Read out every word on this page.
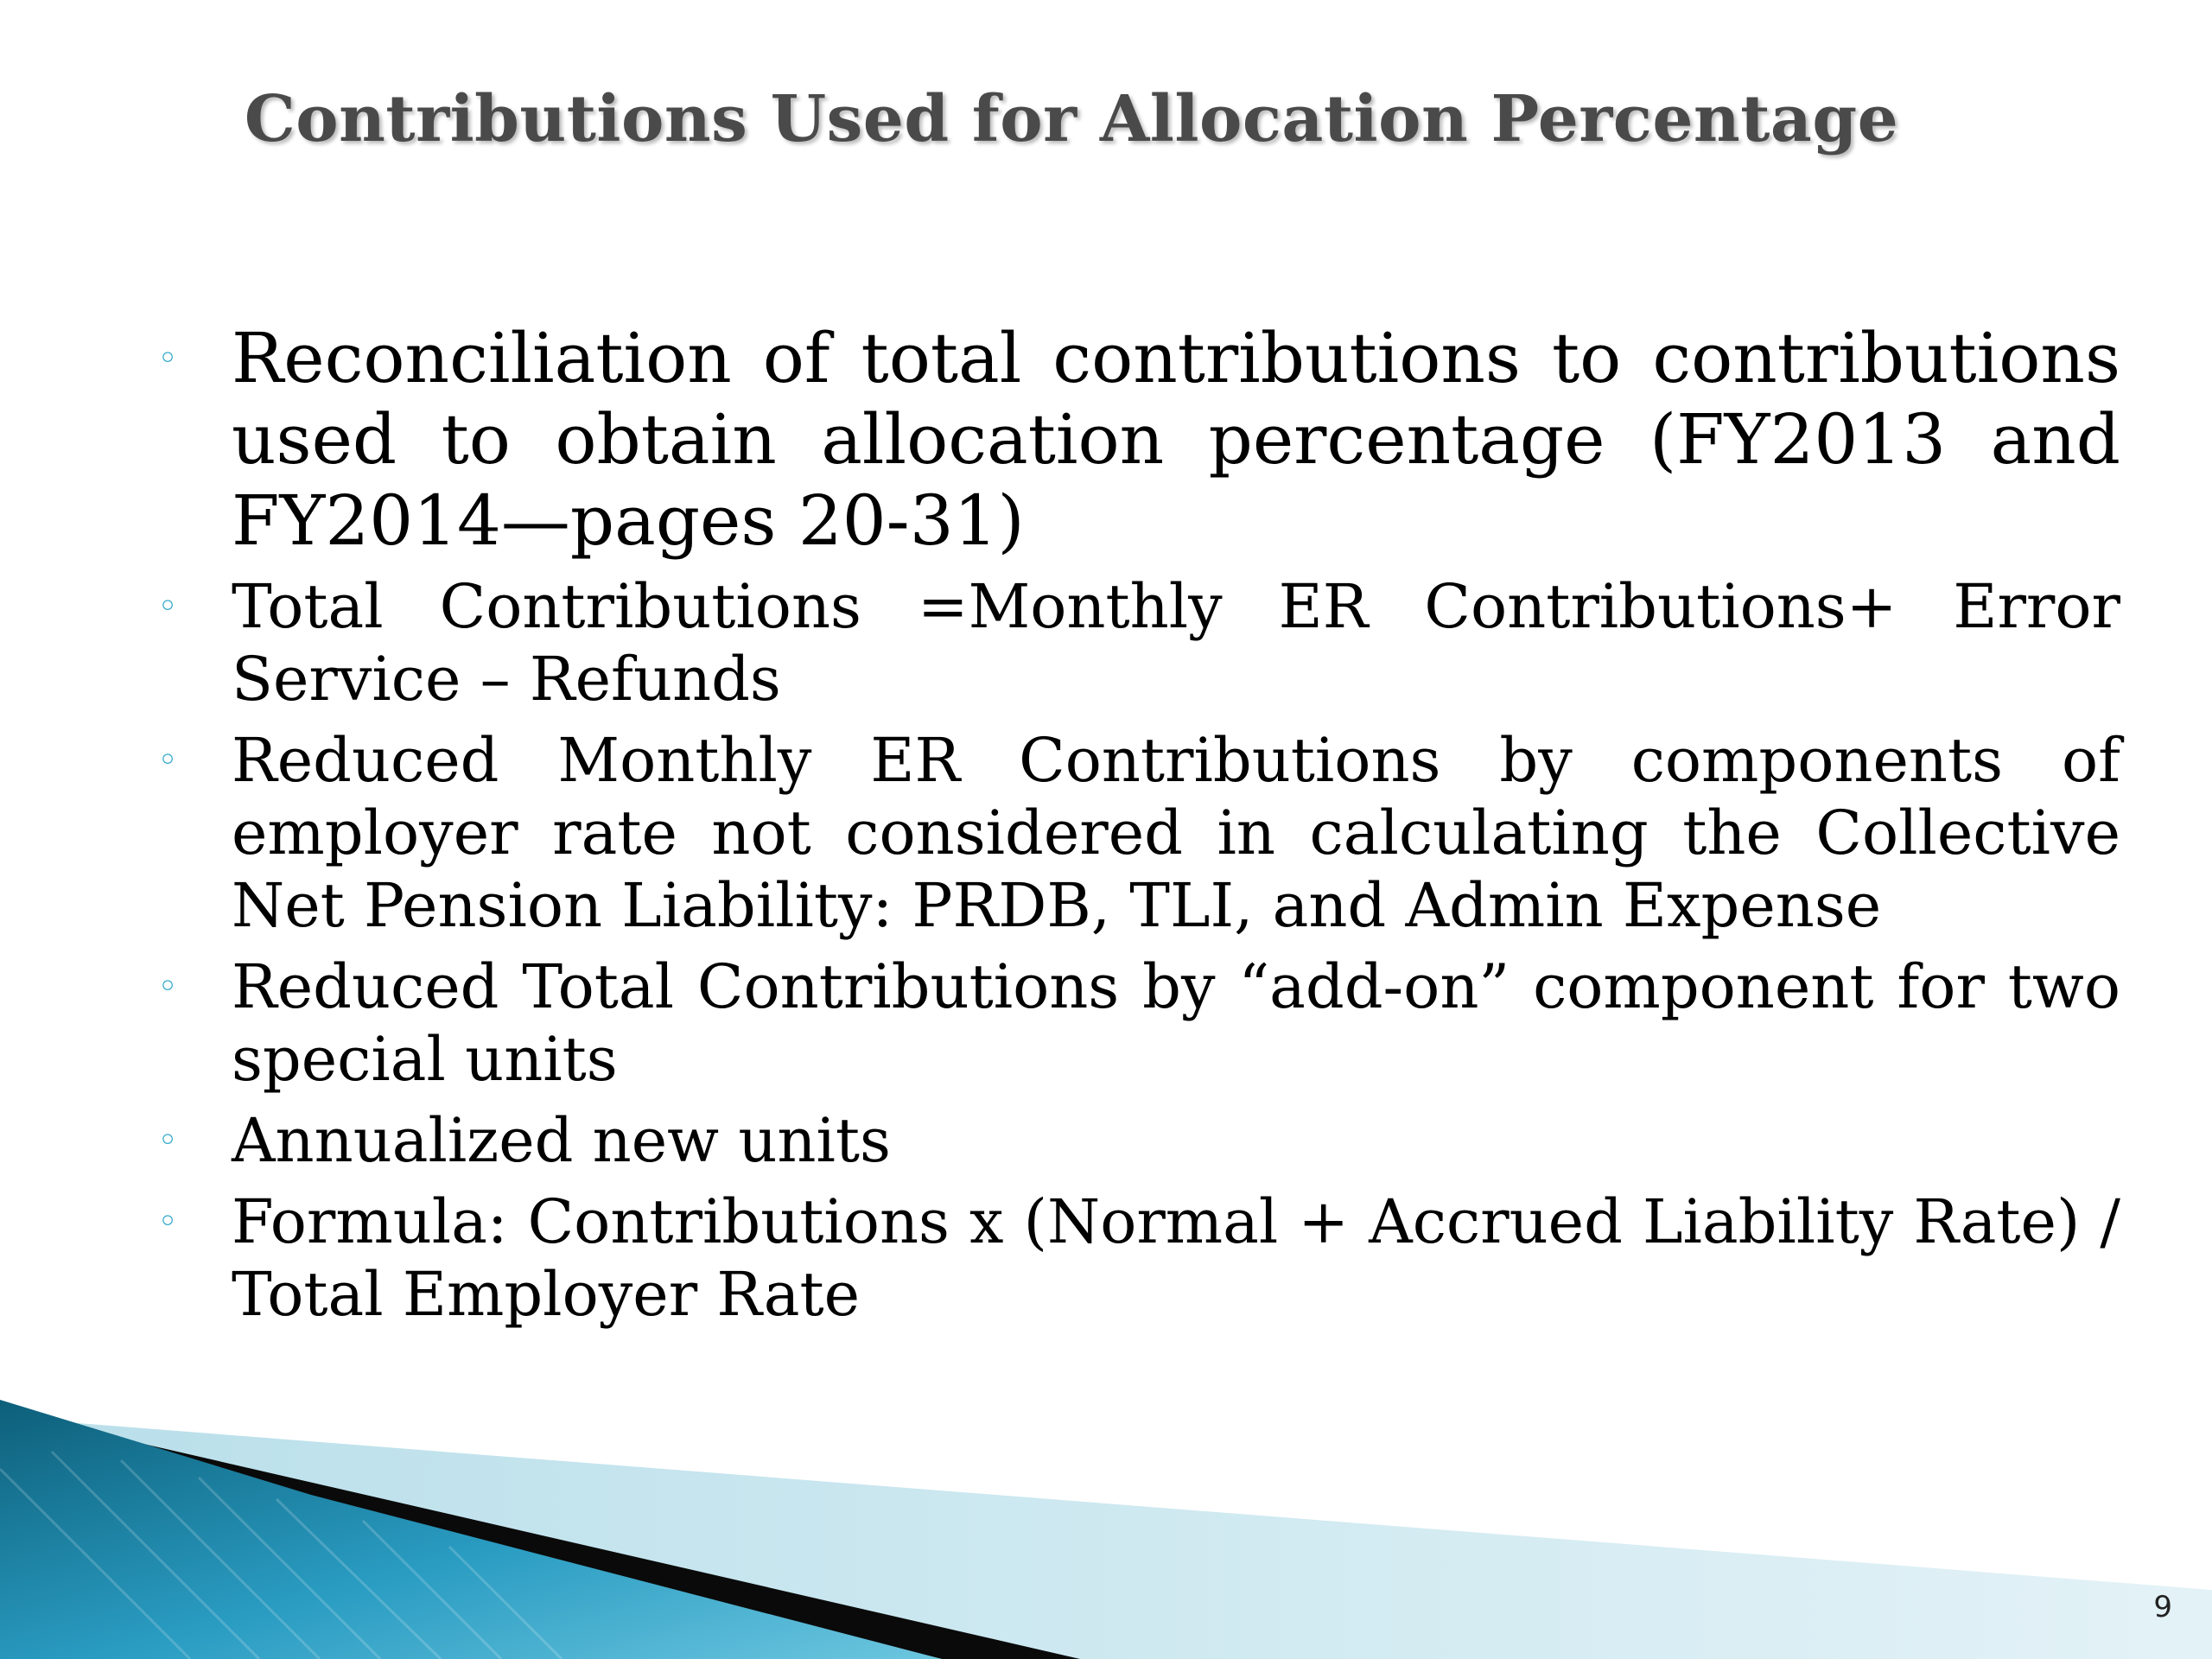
Contributions Used for Allocation Percentage
◦ Reconciliation of total contributions to contributions used to obtain allocation percentage (FY2013 and FY2014—pages 20-31)
◦ Total Contributions =Monthly ER Contributions+ Error Service – Refunds
◦ Reduced Monthly ER Contributions by components of employer rate not considered in calculating the Collective Net Pension Liability: PRDB, TLI, and Admin Expense
◦ Reduced Total Contributions by “add-on” component for two special units
◦ Annualized new units
◦ Formula: Contributions x (Normal + Accrued Liability Rate) / Total Employer Rate
9
